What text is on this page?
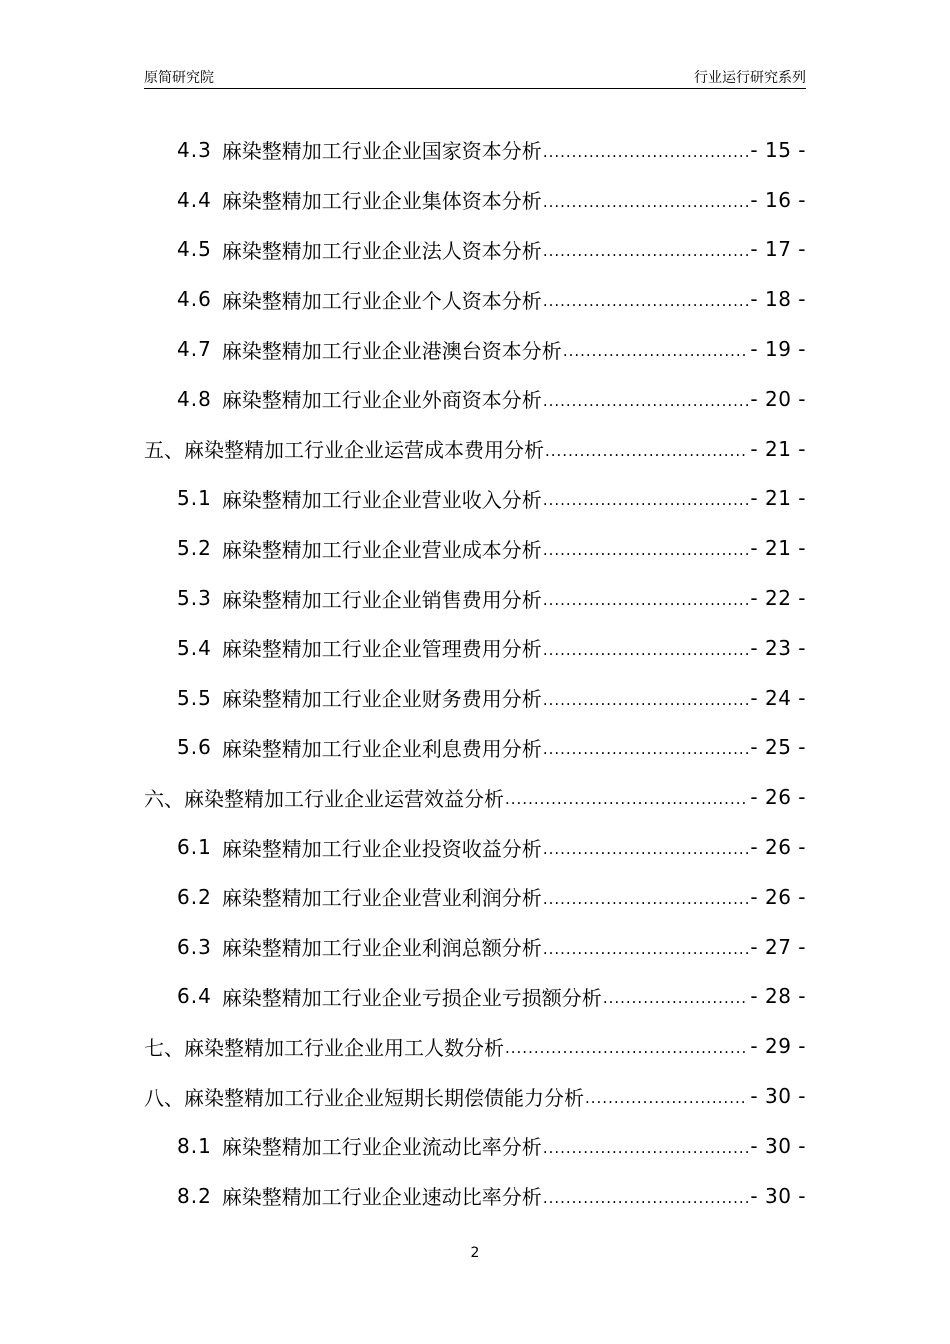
原简研究院	行业运行研究系列
4.3 麻染整精加工行业企业国家资本分析 .....	- 15 -
4.4 麻染整精加工行业企业集体资本分析 .....	- 16 -
4.5 麻染整精加工行业企业法人资本分析 .....	- 17 -
4.6 麻染整精加工行业企业个人资本分析 .....	- 18 -
4.7 麻染整精加工行业企业港澳台资本分析 .....	- 19 -
4.8 麻染整精加工行业企业外商资本分析 .....	- 20 -
五、麻染整精加工行业企业运营成本费用分析 .....	- 21 -
5.1 麻染整精加工行业企业营业收入分析 .....	- 21 -
5.2 麻染整精加工行业企业营业成本分析 .....	- 21 -
5.3 麻染整精加工行业企业销售费用分析 .....	- 22 -
5.4 麻染整精加工行业企业管理费用分析 .....	- 23 -
5.5 麻染整精加工行业企业财务费用分析 .....	- 24 -
5.6 麻染整精加工行业企业利息费用分析 .....	- 25 -
六、麻染整精加工行业企业运营效益分析 .....	- 26 -
6.1 麻染整精加工行业企业投资收益分析 .....	- 26 -
6.2 麻染整精加工行业企业营业利润分析 .....	- 26 -
6.3 麻染整精加工行业企业利润总额分析 .....	- 27 -
6.4 麻染整精加工行业企业亏损企业亏损额分析 .....	- 28 -
七、麻染整精加工行业企业用工人数分析 .....	- 29 -
八、麻染整精加工行业企业短期长期偿债能力分析 .....	- 30 -
8.1 麻染整精加工行业企业流动比率分析 .....	- 30 -
8.2 麻染整精加工行业企业速动比率分析 .....	- 30 -
2
